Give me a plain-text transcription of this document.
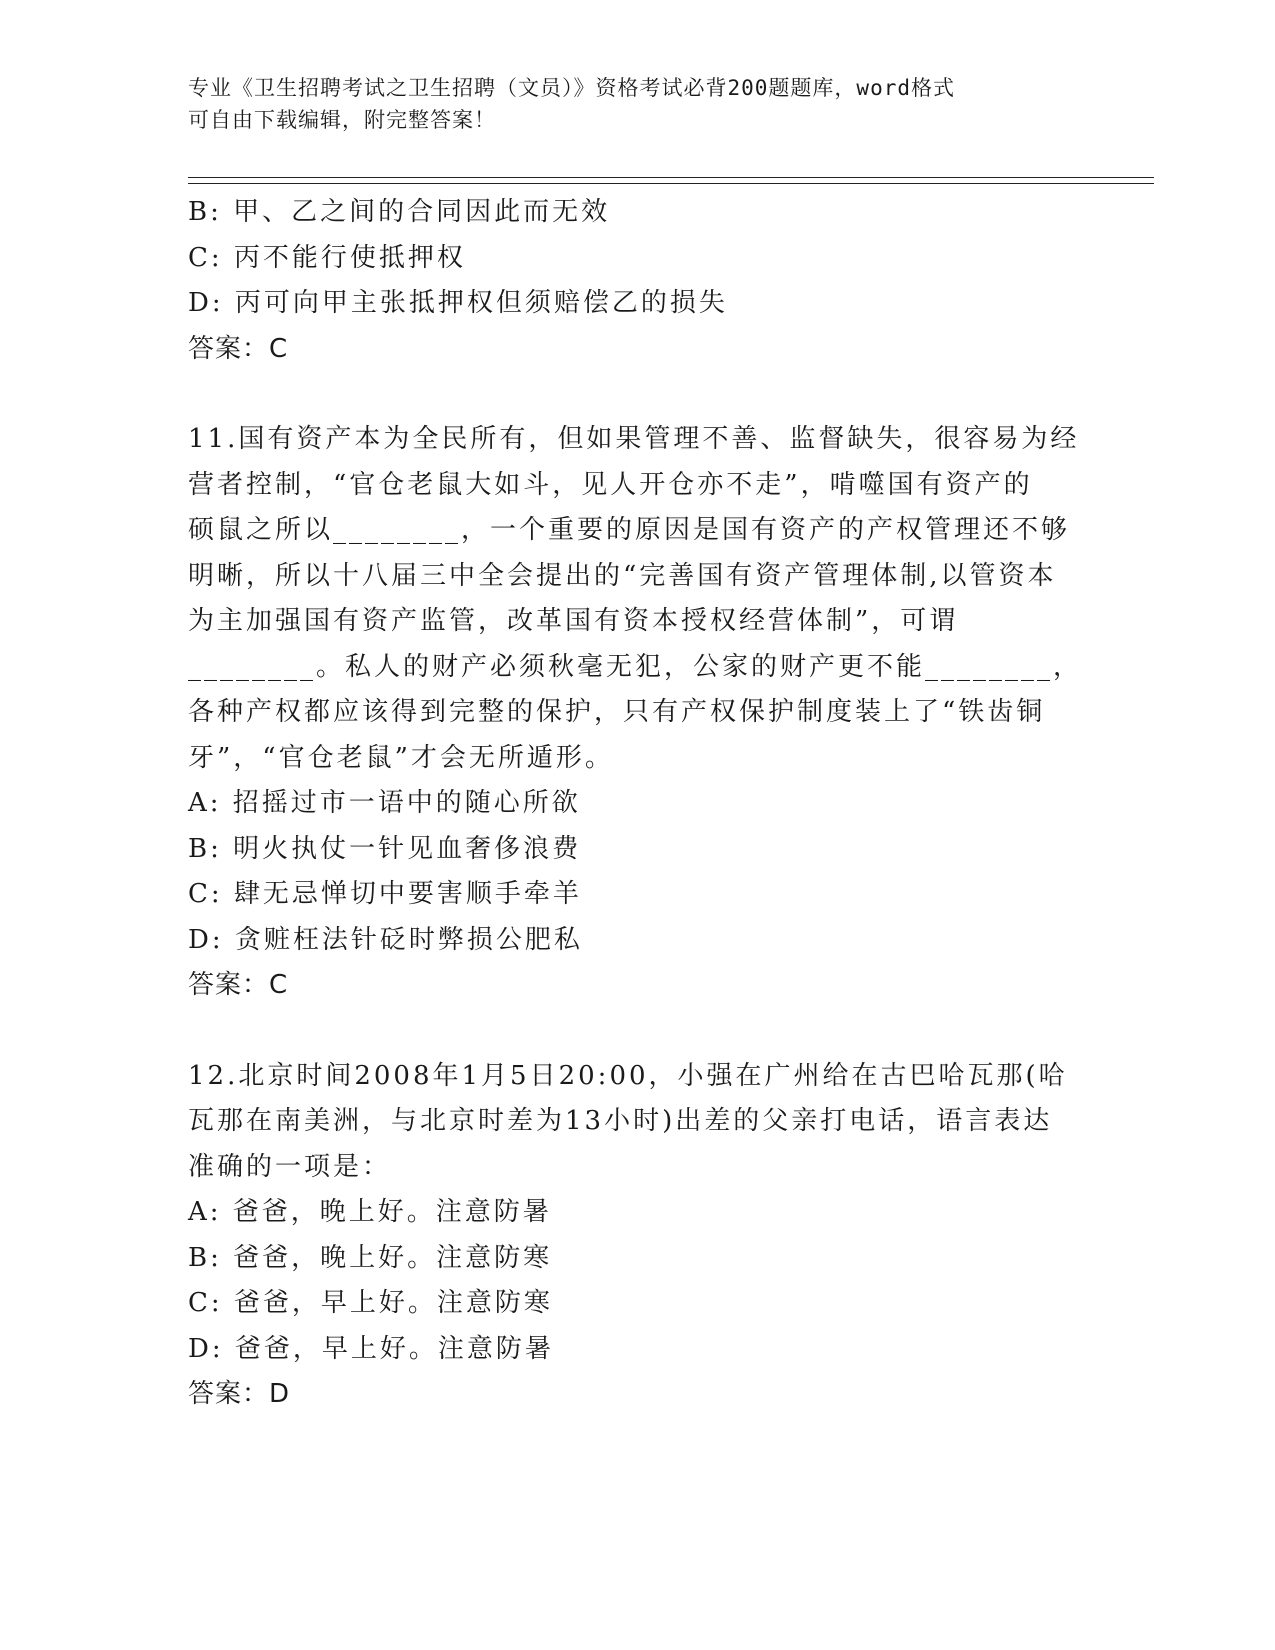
专业《卫生招聘考试之卫生招聘（文员）》资格考试必背200题题库，word格式
可自由下载编辑，附完整答案！
B: 甲、乙之间的合同因此而无效
C: 丙不能行使抵押权
D: 丙可向甲主张抵押权但须赔偿乙的损失
答案：C
11.国有资产本为全民所有，但如果管理不善、监督缺失，很容易为经
营者控制，“官仓老鼠大如斗，见人开仓亦不走”，啃噬国有资产的
硕鼠之所以________，一个重要的原因是国有资产的产权管理还不够
明晰，所以十八届三中全会提出的“完善国有资产管理体制,以管资本
为主加强国有资产监管，改革国有资本授权经营体制”，可谓
________。私人的财产必须秋毫无犯，公家的财产更不能________，
各种产权都应该得到完整的保护，只有产权保护制度装上了“铁齿铜
牙”，“官仓老鼠”才会无所遁形。
A: 招摇过市一语中的随心所欲
B: 明火执仗一针见血奢侈浪费
C: 肆无忌惮切中要害顺手牵羊
D: 贪赃枉法针砭时弊损公肥私
答案：C
12.北京时间2008年1月5日20:00，小强在广州给在古巴哈瓦那(哈
瓦那在南美洲，与北京时差为13小时)出差的父亲打电话，语言表达
准确的一项是：
A: 爸爸，晚上好。注意防暑
B: 爸爸，晚上好。注意防寒
C: 爸爸，早上好。注意防寒
D: 爸爸，早上好。注意防暑
答案：D
